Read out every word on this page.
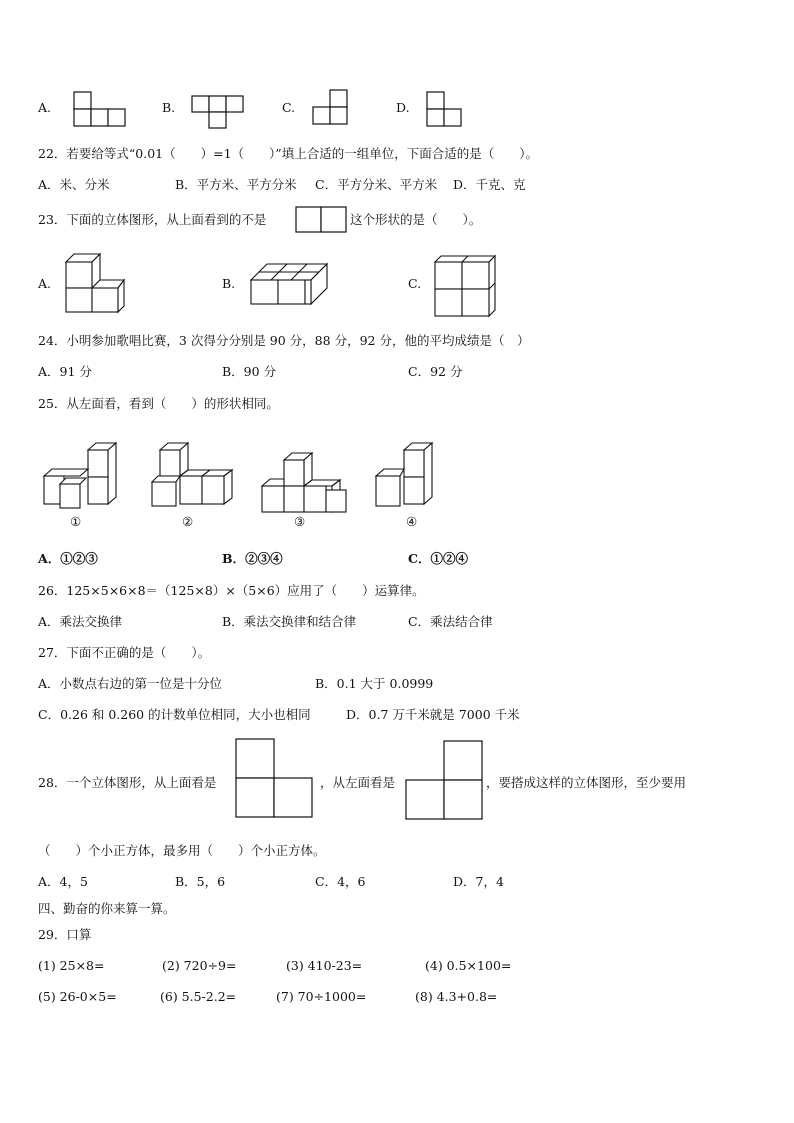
A.	B.	C.	D.
22．若要给等式“0.01（　　）=1（　　）”填上合适的一组单位，下面合适的是（　　）。
A．米、分米	B．平方米、平方分米 C．平方分米、平方米 D．千克、克
23．下面的立体图形，从上面看到的不是	这个形状的是（　　）。
A.	B.	C.
24．小明参加歌唱比赛，3 次得分分别是 90 分，88 分，92 分，他的平均成绩是（　）
A．91 分	B．90 分	C．92 分
25．从左面看，看到（　　）的形状相同。
①	②	③	④
A．①②③	B．②③④	C．①②④
26．125×5×6×8＝（125×8）×（5×6）应用了（　　）运算律。
A．乘法交换律	B．乘法交换律和结合律	C．乘法结合律
27．下面不正确的是（　　）。
A．小数点右边的第一位是十分位	B．0.1 大于 0.0999
C．0.26 和 0.260 的计数单位相同，大小也相同	D．0.7 万千米就是 7000 千米
28．一个立体图形，从上面看是	，从左面看是	，要搭成这样的立体图形，至少要用
（　　）个小正方体，最多用（　　）个小正方体。
A．4，5	B．5，6	C．4，6	D．7，4
四、勤奋的你来算一算。
29．口算
(1) 25×8=	(2) 720÷9=	(3) 410-23=	(4) 0.5×100=
(5) 26-0×5=	(6) 5.5-2.2=	(7) 70÷1000=	(8) 4.3+0.8=
